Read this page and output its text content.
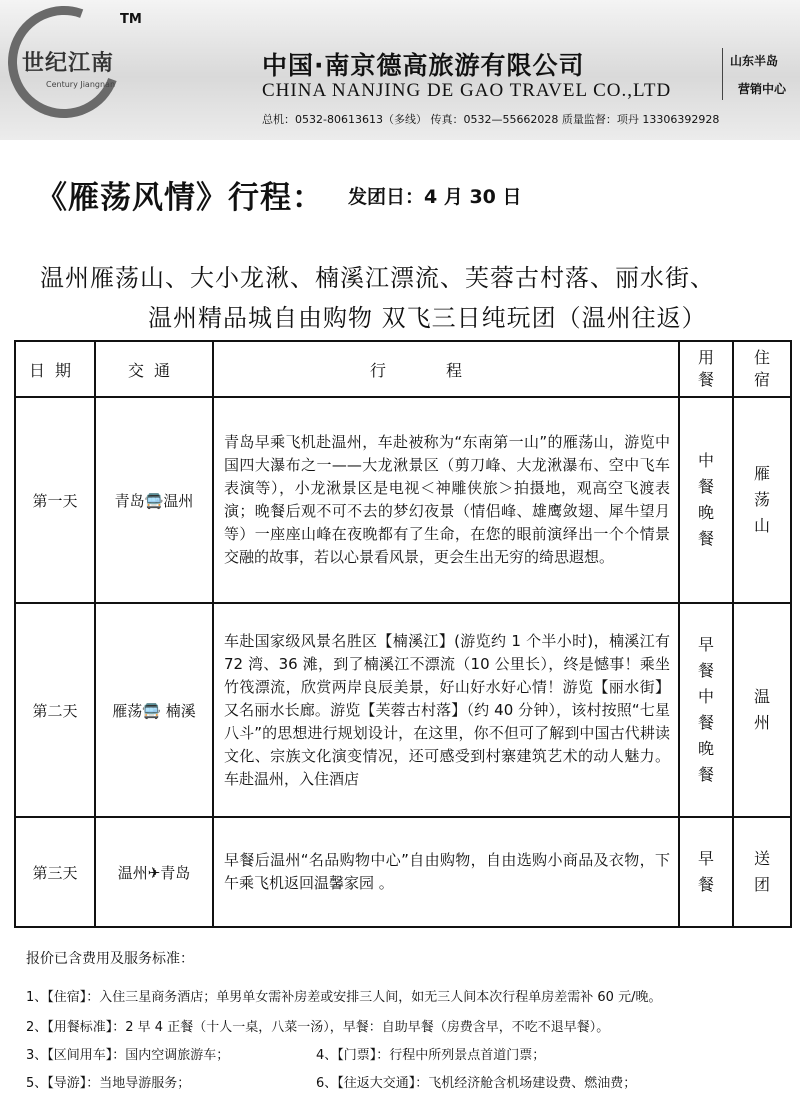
世纪江南
Century Jiangnan
TM
中国·南京德高旅游有限公司
CHINA NANJING DE GAO TRAVEL CO.,LTD
山东半岛
营销中心
总机：0532-80613613（多线） 传真：0532—55662028 质量监督：项丹 13306392928
《雁荡风情》行程： 发团日：4 月 30 日
温州雁荡山、大小龙湫、楠溪江漂流、芙蓉古村落、丽水街、
温州精品城自由购物 双飞三日纯玩团（温州往返）
日期	交通	行程	用餐	住宿
第一天	青岛🚍温州	青岛早乘飞机赴温州，车赴被称为“东南第一山”的雁荡山，游览中国四大瀑布之一——大龙湫景区（剪刀峰、大龙湫瀑布、空中飞车表演等），小龙湫景区是电视＜神雕侠旅＞拍摄地，观高空飞渡表演；晚餐后观不可不去的梦幻夜景（情侣峰、雄鹰敛翅、犀牛望月等）一座座山峰在夜晚都有了生命，在您的眼前演绎出一个个情景交融的故事，若以心景看风景，更会生出无穷的绮思遐想。	中餐晚餐	雁荡山
第二天	雁荡🚍 楠溪	车赴国家级风景名胜区【楠溪江】(游览约 1 个半小时)，楠溪江有 72 湾、36 滩，到了楠溪江不漂流（10 公里长），终是憾事！乘坐竹筏漂流，欣赏两岸良辰美景，好山好水好心情！游览【丽水街】又名丽水长廊。游览【芙蓉古村落】（约 40 分钟），该村按照“七星八斗”的思想进行规划设计，在这里，你不但可了解到中国古代耕读文化、宗族文化演变情况，还可感受到村寨建筑艺术的动人魅力。车赴温州，入住酒店	早餐中餐晚餐	温州
第三天	温州✈青岛	早餐后温州“名品购物中心”自由购物，自由选购小商品及衣物，下午乘飞机返回温馨家园 。	早餐	送团
报价已含费用及服务标准：
1、【住宿】：入住三星商务酒店；单男单女需补房差或安排三人间，如无三人间本次行程单房差需补 60 元/晚。
2、【用餐标准】：2 早 4 正餐（十人一桌，八菜一汤），早餐：自助早餐（房费含早，不吃不退早餐）。
3、【区间用车】：国内空调旅游车；	4、【门票】：行程中所列景点首道门票；
5、【导游】：当地导游服务；	6、【往返大交通】：飞机经济舱含机场建设费、燃油费；
